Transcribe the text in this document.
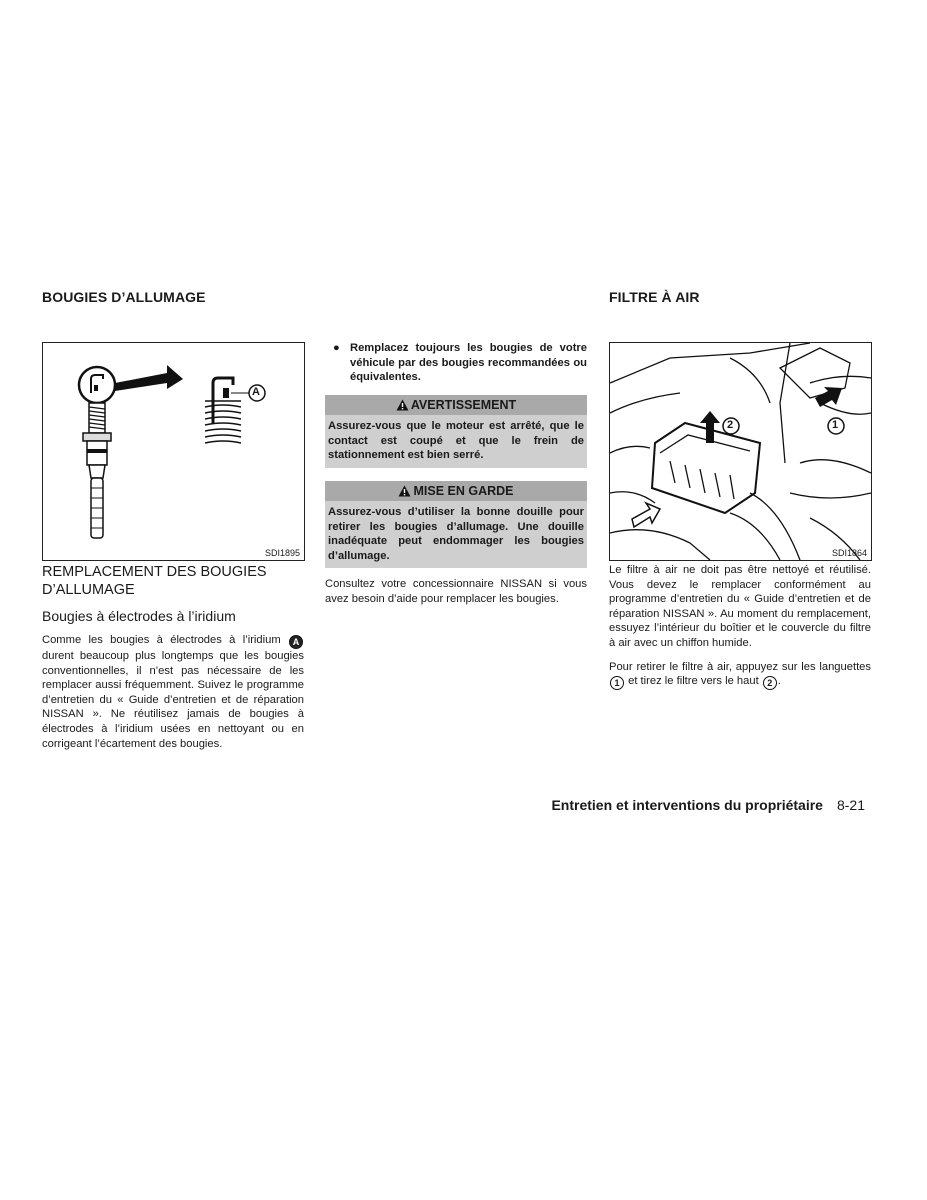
BOUGIES D’ALLUMAGE	FILTRE À AIR
A
SDI1895

REMPLACEMENT DES BOUGIES D’ALLUMAGE

Bougies à électrodes à l’iridium

Comme les bougies à électrodes à l’iridium A durent beaucoup plus longtemps que les bougies conventionnelles, il n’est pas nécessaire de les remplacer aussi fréquemment. Suivez le programme d’entretien du « Guide d’entretien et de réparation NISSAN ». Ne réutilisez jamais de bougies à électrodes à l’iridium usées en nettoyant ou en corrigeant l’écartement des bougies.

● Remplacez toujours les bougies de votre véhicule par des bougies recommandées ou équivalentes.
AVERTISSEMENT
Assurez-vous que le moteur est arrêté, que le contact est coupé et que le frein de stationnement est bien serré.
MISE EN GARDE
Assurez-vous d’utiliser la bonne douille pour retirer les bougies d’allumage. Une douille inadéquate peut endommager les bougies d’allumage.

Consultez votre concessionnaire NISSAN si vous avez besoin d’aide pour remplacer les bougies.

2	1
SDI1864

Le filtre à air ne doit pas être nettoyé et réutilisé. Vous devez le remplacer conformément au programme d’entretien du « Guide d’entretien et de réparation NISSAN ». Au moment du remplacement, essuyez l’intérieur du boîtier et le couvercle du filtre à air avec un chiffon humide.

Pour retirer le filtre à air, appuyez sur les languettes 1 et tirez le filtre vers le haut 2 .

Entretien et interventions du propriétaire 8-21
